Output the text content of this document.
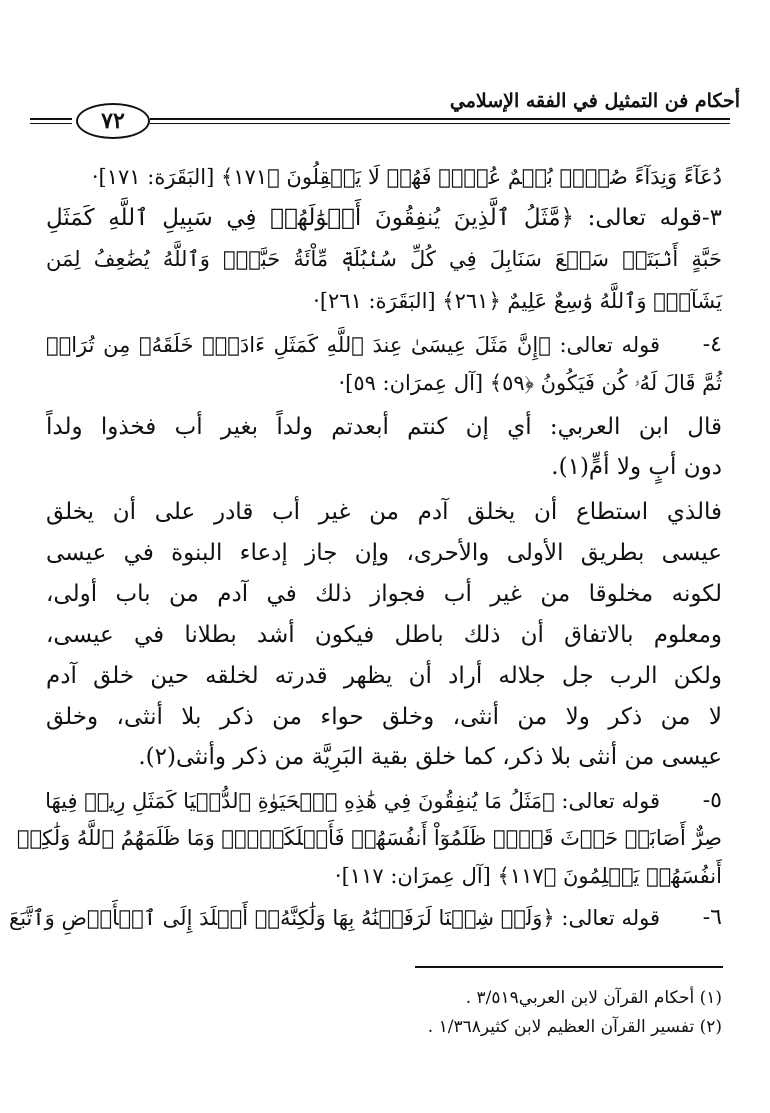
أحكام فن التمثيل في الفقه الإسلامي
٧٢
دُعَآءً وَنِدَآءً صُمُّۢ بُكۡمٌ عُمۡيٞ فَهُمۡ لَا يَعۡقِلُونَ ﴿١٧١﴾ [البَقَرَة: ١٧١]·
٣-قوله تعالى: ﴿مَّثَلُ ٱلَّذِينَ يُنفِقُونَ أَمۡوَٰلَهُمۡ فِي سَبِيلِ ٱللَّهِ كَمَثَلِ
حَبَّةٍ أَنۢبَتَتۡ سَبۡعَ سَنَابِلَ فِي كُلِّ سُنۢبُلَةٖ مِّاْئَةُ حَبَّةٖۗ وَٱللَّهُ يُضَٰعِفُ لِمَن
يَشَآءُۚ وَٱللَّهُ وَٰسِعٌ عَلِيمٌ ﴿٢٦١﴾ [البَقَرَة: ٢٦١]·
٤-
قوله تعالى: ﴿إِنَّ مَثَلَ عِيسَىٰ عِندَ ٱللَّهِ كَمَثَلِ ءَادَمَۖ خَلَقَهُۥ مِن تُرَابٖ
ثُمَّ قَالَ لَهُۥ كُن فَيَكُونُ ﴿٥٩﴾ [آل عِمرَان: ٥٩]·
قال ابن العربي: أي إن كنتم أبعدتم ولداً بغير أب فخذوا ولداً
دون أبٍ ولا أمٍّ(١).
فالذي استطاع أن يخلق آدم من غير أب قادر على أن يخلق
عيسى بطريق الأولى والأحرى، وإن جاز إدعاء البنوة في عيسى
لكونه مخلوقا من غير أب فجواز ذلك في آدم من باب أولى،
ومعلوم بالاتفاق أن ذلك باطل فيكون أشد بطلانا في عيسى،
ولكن الرب جل جلاله أراد أن يظهر قدرته لخلقه حين خلق آدم
لا من ذكر ولا من أنثى، وخلق حواء من ذكر بلا أنثى، وخلق
عيسى من أنثى بلا ذكر، كما خلق بقية البَرِيَّة من ذكر وأنثى(٢).
٥-
قوله تعالى: ﴿مَثَلُ مَا يُنفِقُونَ فِي هَٰذِهِ ٱلۡحَيَوٰةِ ٱلدُّنۡيَا كَمَثَلِ رِيحٖ فِيهَا
صِرٌّ أَصَابَتۡ حَرۡثَ قَوۡمٖ ظَلَمُوٓاْ أَنفُسَهُمۡ فَأَهۡلَكَتۡهُۚ وَمَا ظَلَمَهُمُ ٱللَّهُ وَلَٰكِنۡ
أَنفُسَهُمۡ يَظۡلِمُونَ ﴿١١٧﴾ [آل عِمرَان: ١١٧]·
٦-
قوله تعالى: ﴿وَلَوۡ شِئۡنَا لَرَفَعۡنَٰهُ بِهَا وَلَٰكِنَّهُۥٓ أَخۡلَدَ إِلَى ٱلۡأَرۡضِ وَٱتَّبَعَ
(١) أحكام القرآن لابن العربي٣/٥١٩ .
(٢) تفسير القرآن العظيم لابن كثير١/٣٦٨ .
